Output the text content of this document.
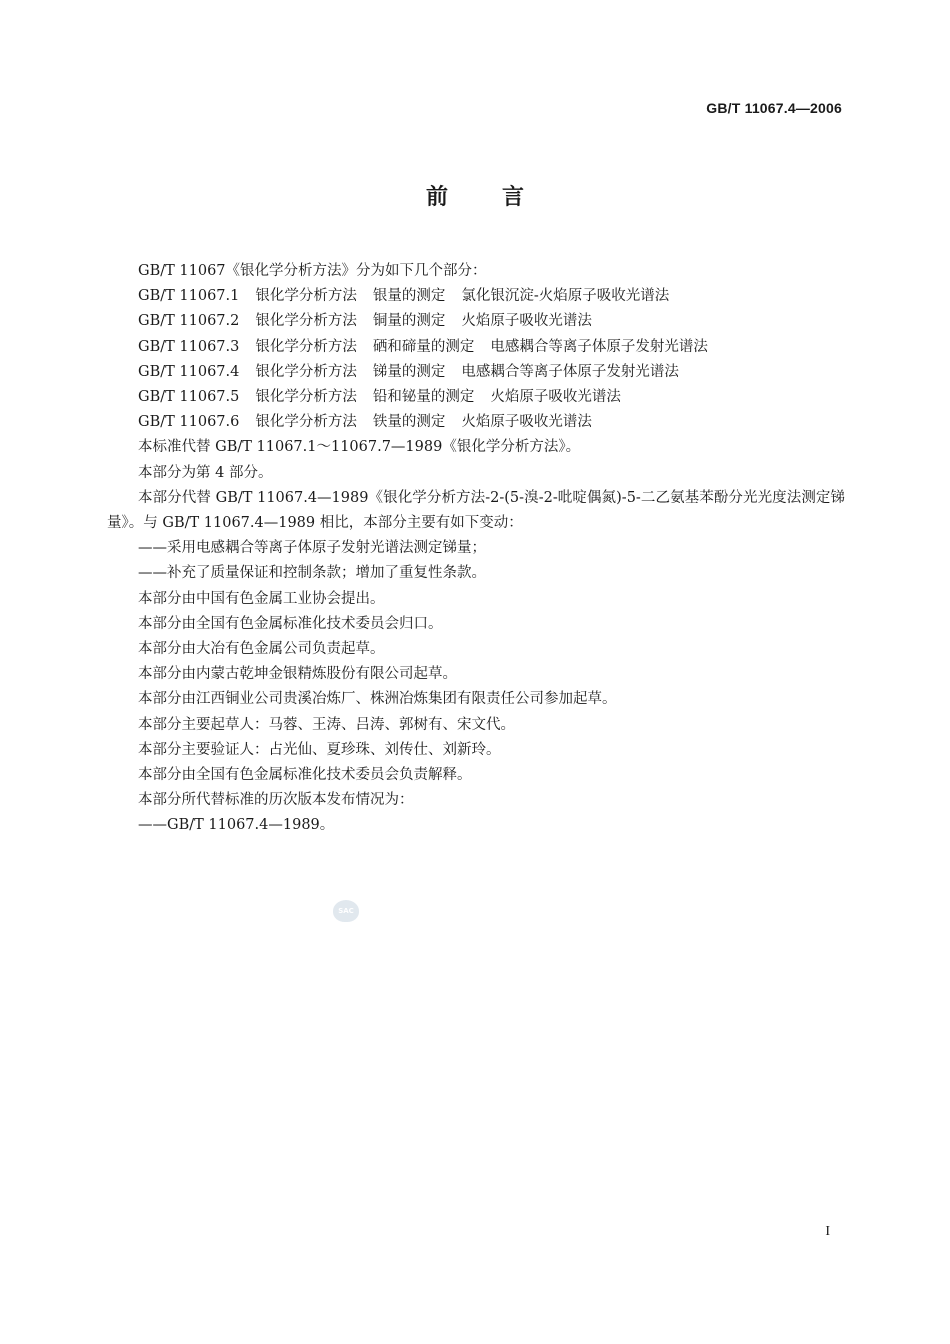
GB/T 11067.4—2006
前言

GB/T 11067《银化学分析方法》分为如下几个部分：

GB/T 11067.1 银化学分析方法 银量的测定 氯化银沉淀-火焰原子吸收光谱法

GB/T 11067.2 银化学分析方法 铜量的测定 火焰原子吸收光谱法

GB/T 11067.3 银化学分析方法 硒和碲量的测定 电感耦合等离子体原子发射光谱法

GB/T 11067.4 银化学分析方法 锑量的测定 电感耦合等离子体原子发射光谱法

GB/T 11067.5 银化学分析方法 铅和铋量的测定 火焰原子吸收光谱法

GB/T 11067.6 银化学分析方法 铁量的测定 火焰原子吸收光谱法

本标准代替 GB/T 11067.1～11067.7—1989《银化学分析方法》。

本部分为第 4 部分。

本部分代替 GB/T 11067.4—1989《银化学分析方法-2-(5-溴-2-吡啶偶氮)-5-二乙氨基苯酚分光光度法测定锑量》。与 GB/T 11067.4—1989 相比，本部分主要有如下变动：

——采用电感耦合等离子体原子发射光谱法测定锑量；

——补充了质量保证和控制条款；增加了重复性条款。

本部分由中国有色金属工业协会提出。

本部分由全国有色金属标准化技术委员会归口。

本部分由大冶有色金属公司负责起草。

本部分由内蒙古乾坤金银精炼股份有限公司起草。

本部分由江西铜业公司贵溪冶炼厂、株洲冶炼集团有限责任公司参加起草。

本部分主要起草人：马蓉、王涛、吕涛、郭树有、宋文代。

本部分主要验证人：占光仙、夏珍珠、刘传仕、刘新玲。

本部分由全国有色金属标准化技术委员会负责解释。

本部分所代替标准的历次版本发布情况为：

——GB/T 11067.4—1989。

SAC
I
